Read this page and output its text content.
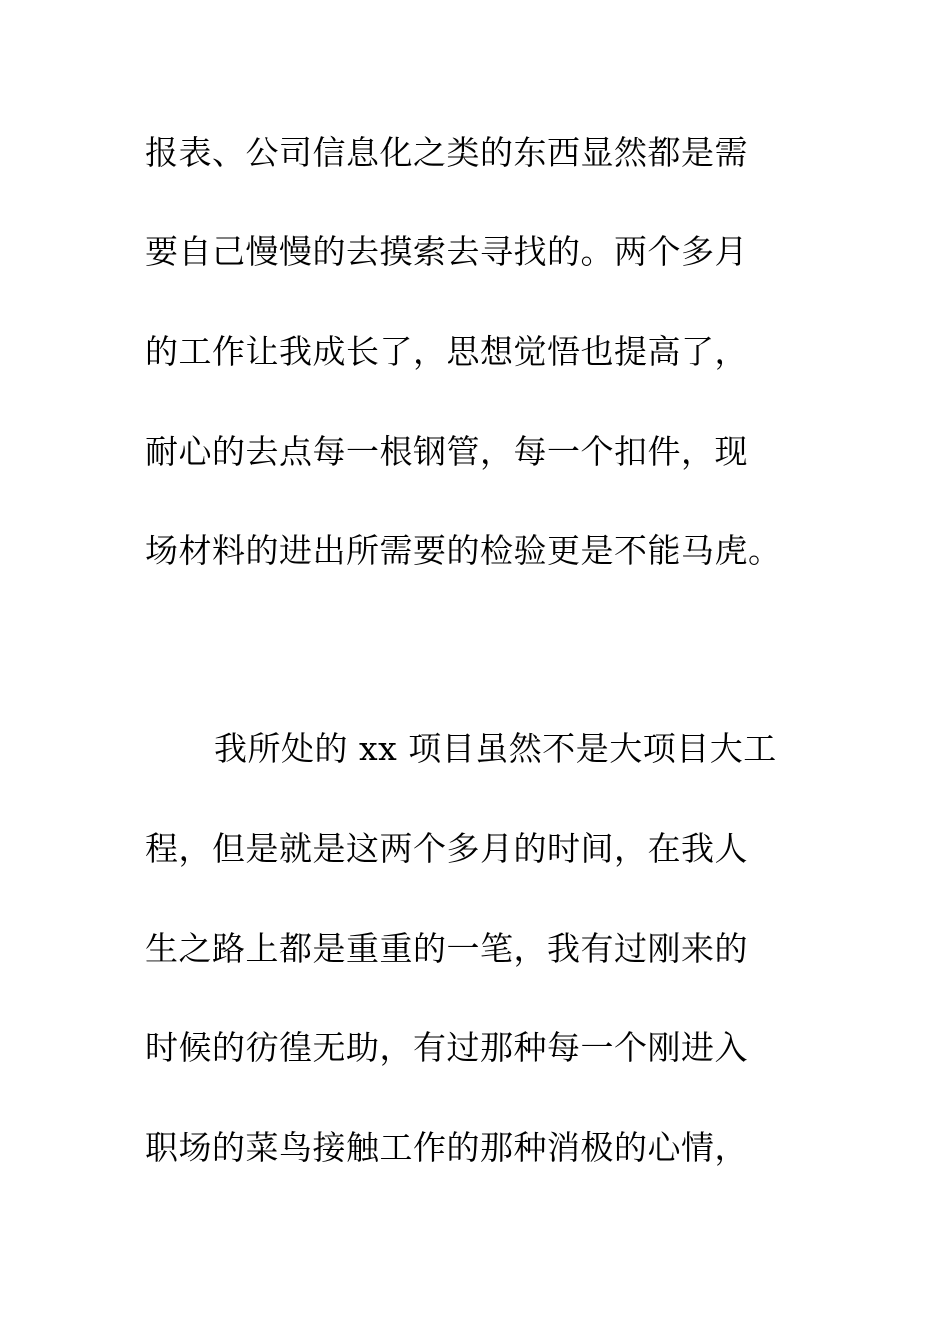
报表、公司信息化之类的东西显然都是需
要自己慢慢的去摸索去寻找的。两个多月
的工作让我成长了，思想觉悟也提高了，
耐心的去点每一根钢管，每一个扣件，现
场材料的进出所需要的检验更是不能马虎。
我所处的 xx 项目虽然不是大项目大工
程，但是就是这两个多月的时间，在我人
生之路上都是重重的一笔，我有过刚来的
时候的彷徨无助，有过那种每一个刚进入
职场的菜鸟接触工作的那种消极的心情，
